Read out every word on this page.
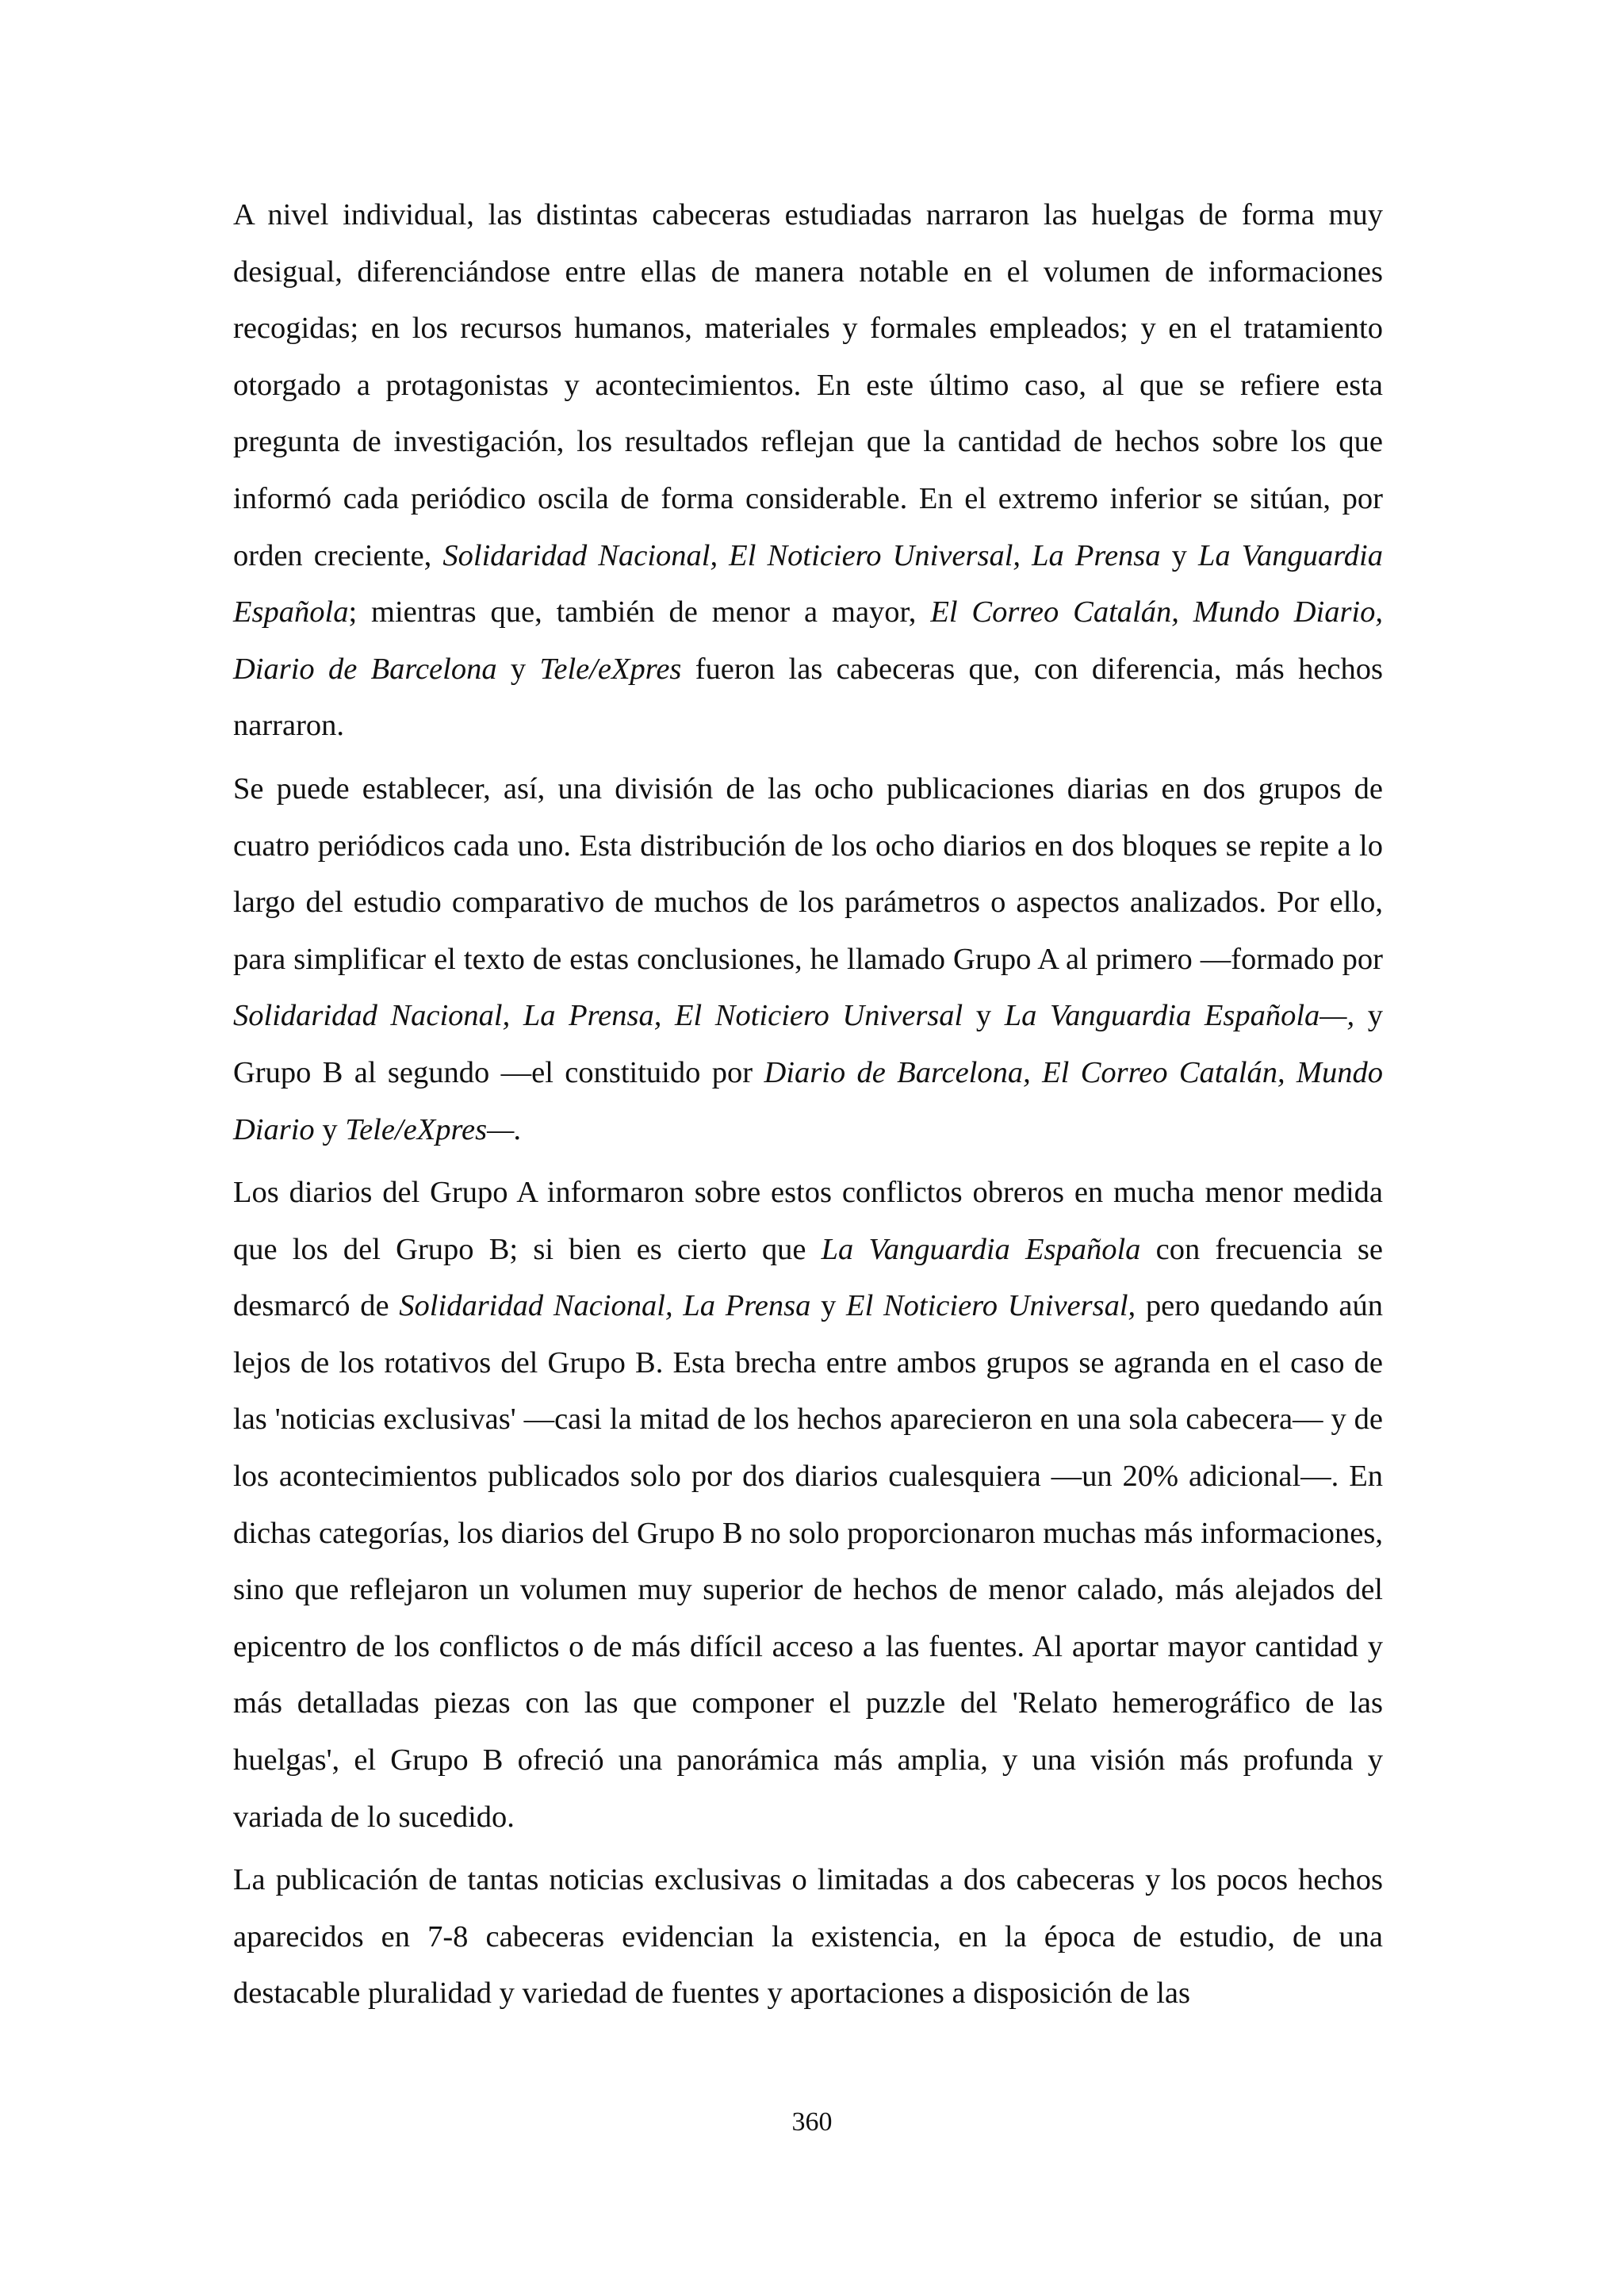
A nivel individual, las distintas cabeceras estudiadas narraron las huelgas de forma muy desigual, diferenciándose entre ellas de manera notable en el volumen de informaciones recogidas; en los recursos humanos, materiales y formales empleados; y en el tratamiento otorgado a protagonistas y acontecimientos. En este último caso, al que se refiere esta pregunta de investigación, los resultados reflejan que la cantidad de hechos sobre los que informó cada periódico oscila de forma considerable. En el extremo inferior se sitúan, por orden creciente, Solidaridad Nacional, El Noticiero Universal, La Prensa y La Vanguardia Española; mientras que, también de menor a mayor, El Correo Catalán, Mundo Diario, Diario de Barcelona y Tele/eXpres fueron las cabeceras que, con diferencia, más hechos narraron.

Se puede establecer, así, una división de las ocho publicaciones diarias en dos grupos de cuatro periódicos cada uno. Esta distribución de los ocho diarios en dos bloques se repite a lo largo del estudio comparativo de muchos de los parámetros o aspectos analizados. Por ello, para simplificar el texto de estas conclusiones, he llamado Grupo A al primero —formado por Solidaridad Nacional, La Prensa, El Noticiero Universal y La Vanguardia Española—, y Grupo B al segundo —el constituido por Diario de Barcelona, El Correo Catalán, Mundo Diario y Tele/eXpres—.

Los diarios del Grupo A informaron sobre estos conflictos obreros en mucha menor medida que los del Grupo B; si bien es cierto que La Vanguardia Española con frecuencia se desmarcó de Solidaridad Nacional, La Prensa y El Noticiero Universal, pero quedando aún lejos de los rotativos del Grupo B. Esta brecha entre ambos grupos se agranda en el caso de las 'noticias exclusivas' —casi la mitad de los hechos aparecieron en una sola cabecera— y de los acontecimientos publicados solo por dos diarios cualesquiera —un 20% adicional—. En dichas categorías, los diarios del Grupo B no solo proporcionaron muchas más informaciones, sino que reflejaron un volumen muy superior de hechos de menor calado, más alejados del epicentro de los conflictos o de más difícil acceso a las fuentes. Al aportar mayor cantidad y más detalladas piezas con las que componer el puzzle del 'Relato hemerográfico de las huelgas', el Grupo B ofreció una panorámica más amplia, y una visión más profunda y variada de lo sucedido.

La publicación de tantas noticias exclusivas o limitadas a dos cabeceras y los pocos hechos aparecidos en 7-8 cabeceras evidencian la existencia, en la época de estudio, de una destacable pluralidad y variedad de fuentes y aportaciones a disposición de las

360
